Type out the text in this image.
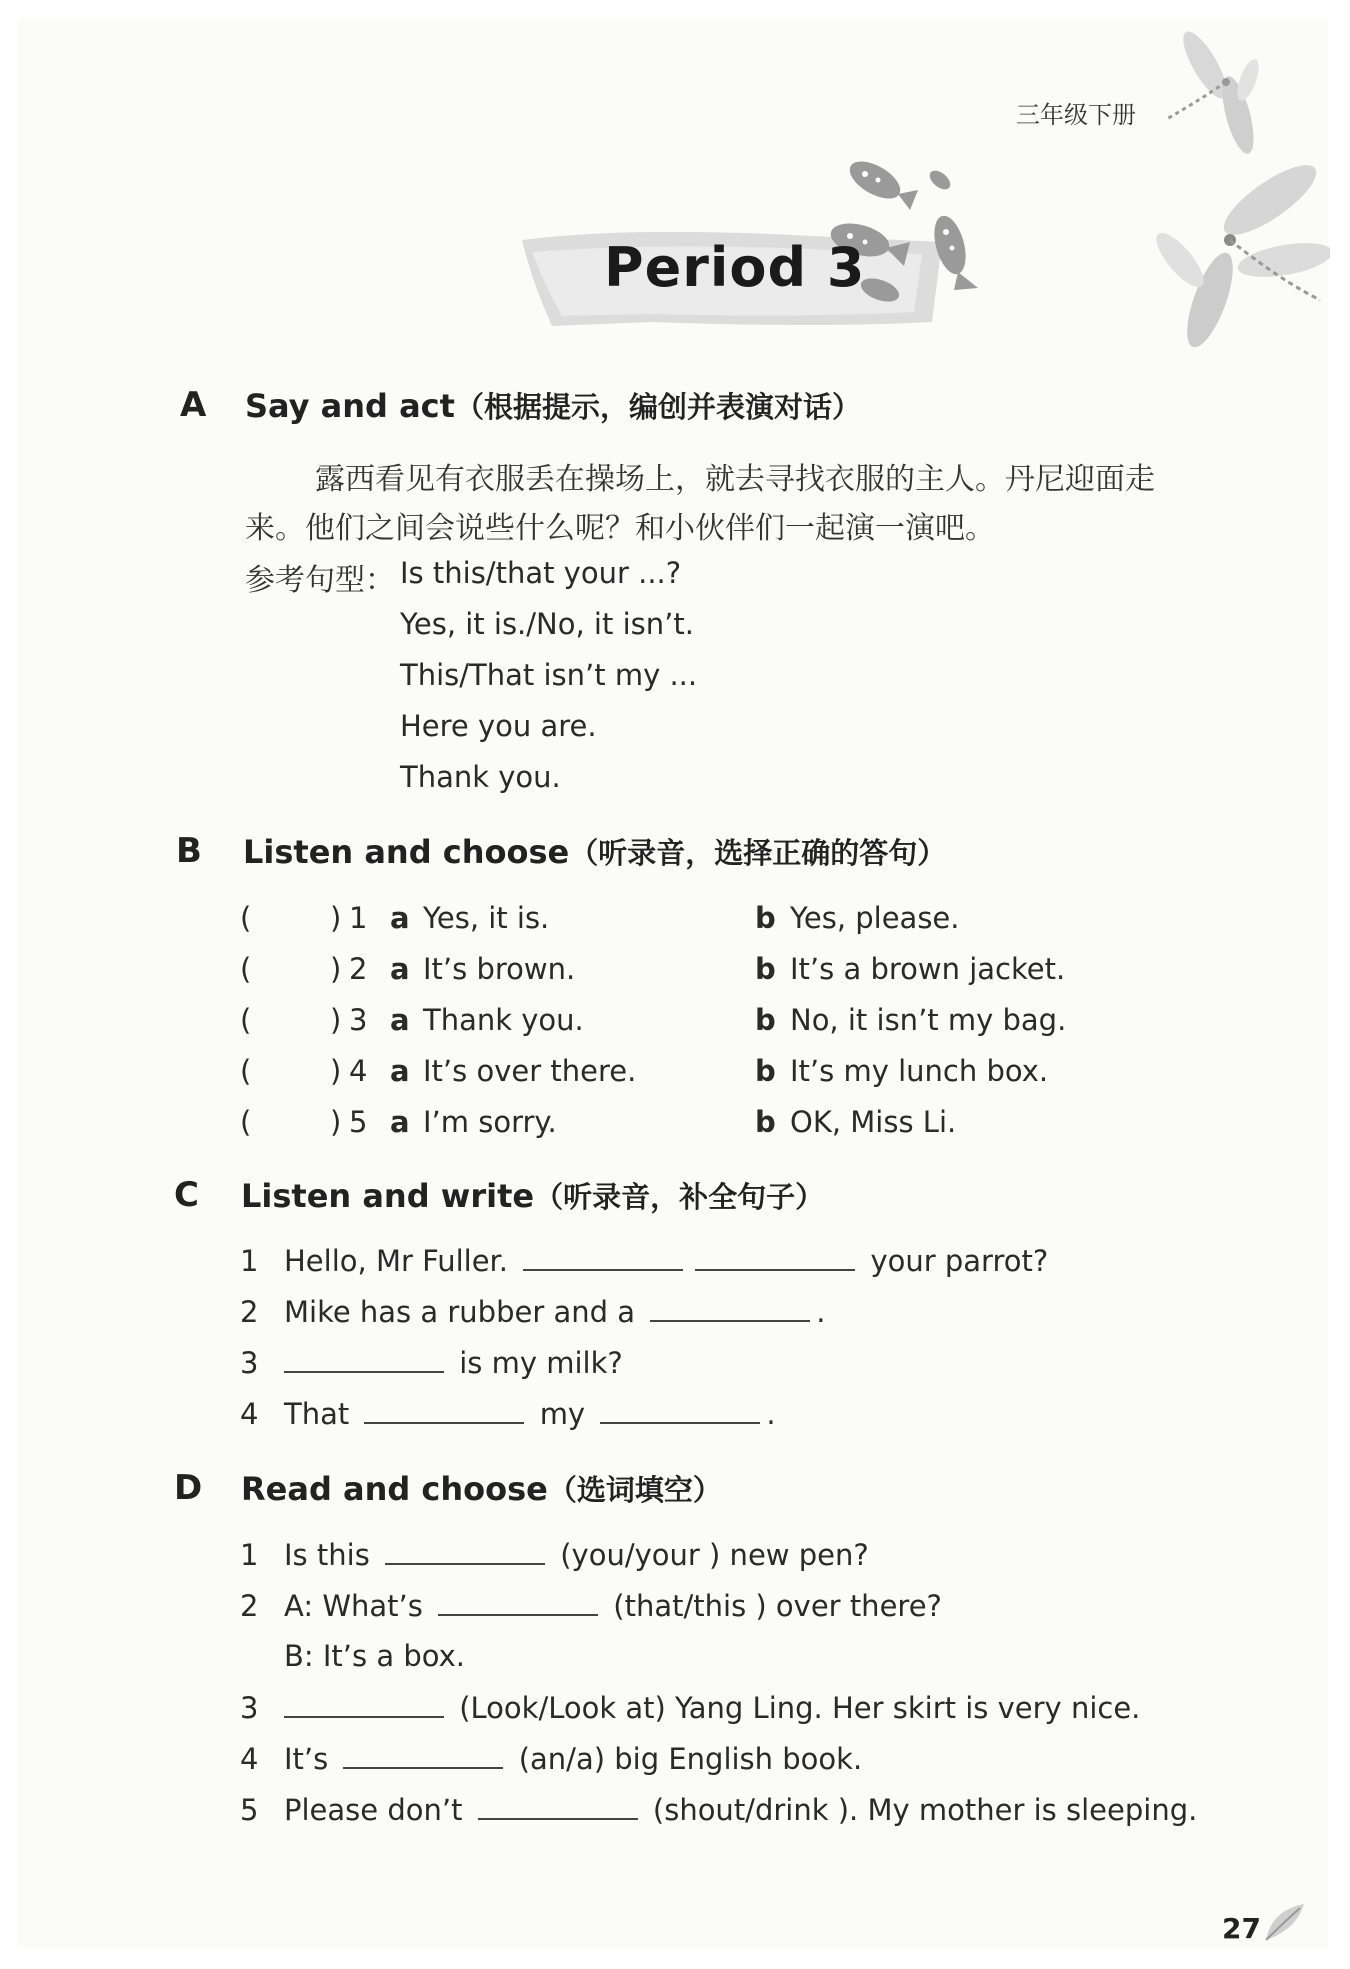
三年级下册
Period 3
A Say and act（根据提示，编创并表演对话）
露西看见有衣服丢在操场上，就去寻找衣服的主人。丹尼迎面走
来。他们之间会说些什么呢？和小伙伴们一起演一演吧。
参考句型： Is this/that your ...?
Yes, it is./No, it isn’t.
This/That isn’t my ...
Here you are.
Thank you.
B Listen and choose（听录音，选择正确的答句）
(	) 1 a Yes, it is.	b Yes, please.
(	) 2 a It’s brown.	b It’s a brown jacket.
(	) 3 a Thank you.	b No, it isn’t my bag.
(	) 4 a It’s over there.	b It’s my lunch box.
(	) 5 a I’m sorry.	b OK, Miss Li.
C Listen and write（听录音，补全句子）
1 Hello, Mr Fuller.	your parrot?
2 Mike has a rubber and a	.
3	is my milk?
4 That	my	.
D Read and choose（选词填空）
1 Is this	(you/your ) new pen?
2 A: What’s	(that/this ) over there?
B: It’s a box.
3	(Look/Look at) Yang Ling. Her skirt is very nice.
4 It’s	(an/a) big English book.
5 Please don’t	(shout/drink ). My mother is sleeping.
27
